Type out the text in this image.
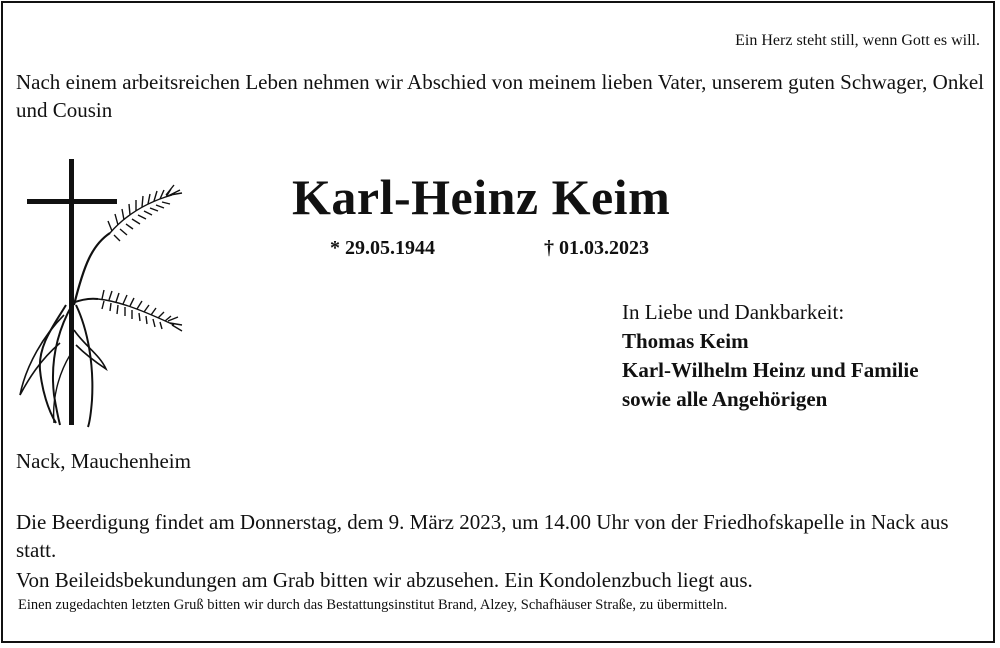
Ein Herz steht still, wenn Gott es will.
Nach einem arbeitsreichen Leben nehmen wir Abschied von meinem lieben Vater, unserem guten Schwager, Onkel und Cousin
Karl-Heinz Keim
* 29.05.1944	† 01.03.2023
In Liebe und Dankbarkeit:
Thomas Keim
Karl-Wilhelm Heinz und Familie
sowie alle Angehörigen
Nack, Mauchenheim
Die Beerdigung findet am Donnerstag, dem 9. März 2023, um 14.00 Uhr von der Friedhofskapelle in Nack aus statt.
Von Beileidsbekundungen am Grab bitten wir abzusehen. Ein Kondolenzbuch liegt aus.
Einen zugedachten letzten Gruß bitten wir durch das Bestattungsinstitut Brand, Alzey, Schafhäuser Straße, zu übermitteln.
